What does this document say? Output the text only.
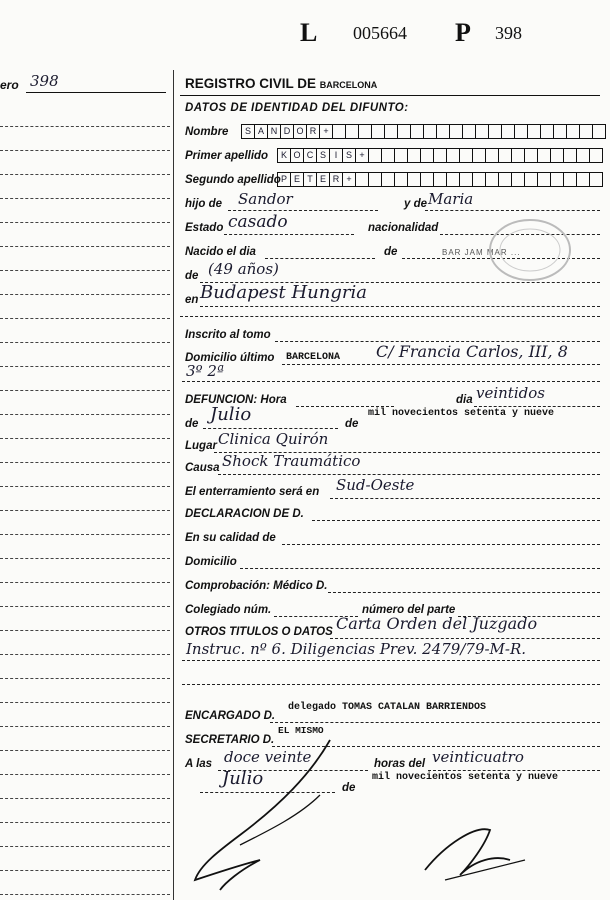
L 005664 P 398
ero 398	REGISTRO CIVIL DE BARCELONA
DATOS DE IDENTIDAD DEL DIFUNTO:
Nombre	S A N D O R +
Primer apellido	K O C S I S +
Segundo apellido P E T E R +
hijo de Sandor	y de Maria
Estado casado	nacionalidad
Nacido el dia	de	BAR JAM MAR ...
de (49 años)
en Budapest Hungria
Inscrito al tomo
Domicilio último BARCELONA C/ Francia Carlos, III, 8
3º 2ª
DEFUNCION: Hora	dia veintidos
de Julio	de
mil novecientos setenta y nueve
Lugar Clinica Quirón
Causa Shock Traumático
El enterramiento será en Sud-Oeste
DECLARACION DE D.
En su calidad de
Domicilio
Comprobación: Médico D.
Colegiado núm.	número del parte
OTROS TITULOS O DATOS Carta Orden del Juzgado
Instruc. nº 6. Diligencias Prev. 2479/79-M-R.
ENCARGADO D.
delegado TOMAS CATALAN BARRIENDOS
SECRETARIO D.
EL MISMO
A las doce veinte	horas del veinticuatro
Julio	de
mil novecientos setenta y nueve
